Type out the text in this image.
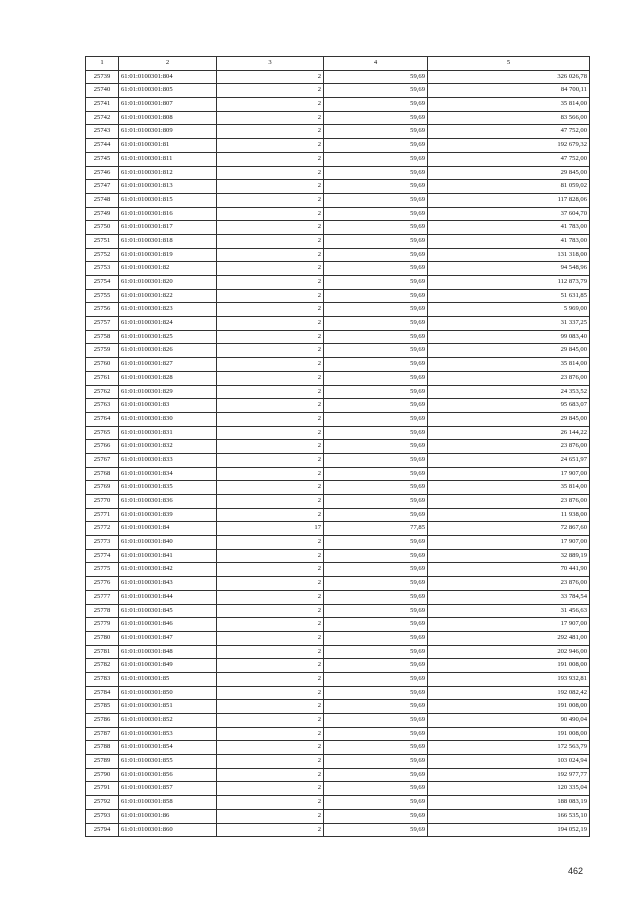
1	2	3	4	5
25739	61:01:0100301:804	2	59,69	326 026,78
25740	61:01:0100301:805	2	59,69	84 700,11
25741	61:01:0100301:807	2	59,69	35 814,00
25742	61:01:0100301:808	2	59,69	83 566,00
25743	61:01:0100301:809	2	59,69	47 752,00
25744	61:01:0100301:81	2	59,69	192 679,32
25745	61:01:0100301:811	2	59,69	47 752,00
25746	61:01:0100301:812	2	59,69	29 845,00
25747	61:01:0100301:813	2	59,69	81 059,02
25748	61:01:0100301:815	2	59,69	117 828,06
25749	61:01:0100301:816	2	59,69	37 604,70
25750	61:01:0100301:817	2	59,69	41 783,00
25751	61:01:0100301:818	2	59,69	41 783,00
25752	61:01:0100301:819	2	59,69	131 318,00
25753	61:01:0100301:82	2	59,69	94 548,96
25754	61:01:0100301:820	2	59,69	112 873,79
25755	61:01:0100301:822	2	59,69	51 631,85
25756	61:01:0100301:823	2	59,69	5 969,00
25757	61:01:0100301:824	2	59,69	31 337,25
25758	61:01:0100301:825	2	59,69	99 083,40
25759	61:01:0100301:826	2	59,69	29 845,00
25760	61:01:0100301:827	2	59,69	35 814,00
25761	61:01:0100301:828	2	59,69	23 876,00
25762	61:01:0100301:829	2	59,69	24 353,52
25763	61:01:0100301:83	2	59,69	95 683,07
25764	61:01:0100301:830	2	59,69	29 845,00
25765	61:01:0100301:831	2	59,69	26 144,22
25766	61:01:0100301:832	2	59,69	23 876,00
25767	61:01:0100301:833	2	59,69	24 651,97
25768	61:01:0100301:834	2	59,69	17 907,00
25769	61:01:0100301:835	2	59,69	35 814,00
25770	61:01:0100301:836	2	59,69	23 876,00
25771	61:01:0100301:839	2	59,69	11 938,00
25772	61:01:0100301:84	17	77,85	72 867,60
25773	61:01:0100301:840	2	59,69	17 907,00
25774	61:01:0100301:841	2	59,69	32 889,19
25775	61:01:0100301:842	2	59,69	70 441,90
25776	61:01:0100301:843	2	59,69	23 876,00
25777	61:01:0100301:844	2	59,69	33 784,54
25778	61:01:0100301:845	2	59,69	31 456,63
25779	61:01:0100301:846	2	59,69	17 907,00
25780	61:01:0100301:847	2	59,69	292 481,00
25781	61:01:0100301:848	2	59,69	202 946,00
25782	61:01:0100301:849	2	59,69	191 008,00
25783	61:01:0100301:85	2	59,69	193 932,81
25784	61:01:0100301:850	2	59,69	192 082,42
25785	61:01:0100301:851	2	59,69	191 008,00
25786	61:01:0100301:852	2	59,69	90 490,04
25787	61:01:0100301:853	2	59,69	191 008,00
25788	61:01:0100301:854	2	59,69	172 563,79
25789	61:01:0100301:855	2	59,69	103 024,94
25790	61:01:0100301:856	2	59,69	192 977,77
25791	61:01:0100301:857	2	59,69	120 335,04
25792	61:01:0100301:858	2	59,69	188 083,19
25793	61:01:0100301:86	2	59,69	166 535,10
25794	61:01:0100301:860	2	59,69	194 052,19
462
